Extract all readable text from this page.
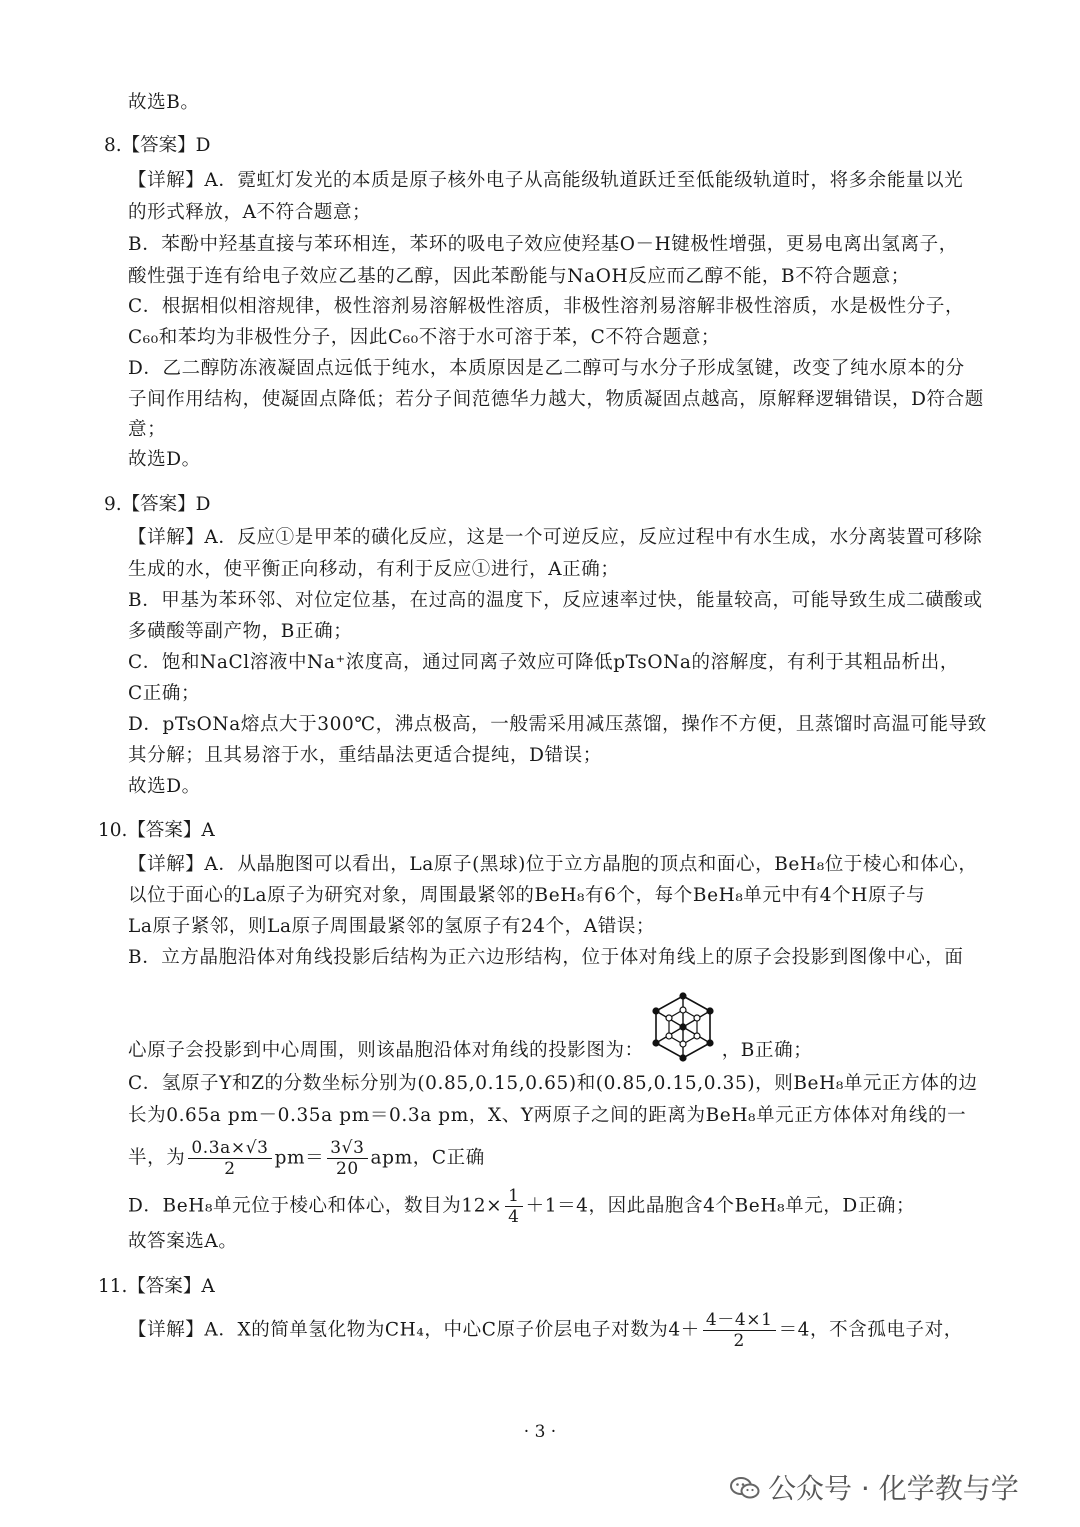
故选B。
8.【答案】D
【详解】A．霓虹灯发光的本质是原子核外电子从高能级轨道跃迁至低能级轨道时，将多余能量以光
的形式释放，A不符合题意；
B．苯酚中羟基直接与苯环相连，苯环的吸电子效应使羟基O－H键极性增强，更易电离出氢离子，
酸性强于连有给电子效应乙基的乙醇，因此苯酚能与NaOH反应而乙醇不能，B不符合题意；
C．根据相似相溶规律，极性溶剂易溶解极性溶质，非极性溶剂易溶解非极性溶质，水是极性分子，
C₆₀和苯均为非极性分子，因此C₆₀不溶于水可溶于苯，C不符合题意；
D．乙二醇防冻液凝固点远低于纯水，本质原因是乙二醇可与水分子形成氢键，改变了纯水原本的分
子间作用结构，使凝固点降低；若分子间范德华力越大，物质凝固点越高，原解释逻辑错误，D符合题
意；
故选D。
9.【答案】D
【详解】A．反应①是甲苯的磺化反应，这是一个可逆反应，反应过程中有水生成，水分离装置可移除
生成的水，使平衡正向移动，有利于反应①进行，A正确；
B．甲基为苯环邻、对位定位基，在过高的温度下，反应速率过快，能量较高，可能导致生成二磺酸或
多磺酸等副产物，B正确；
C．饱和NaCl溶液中Na⁺浓度高，通过同离子效应可降低pTsONa的溶解度，有利于其粗品析出，
C正确；
D．pTsONa熔点大于300℃，沸点极高，一般需采用减压蒸馏，操作不方便，且蒸馏时高温可能导致
其分解；且其易溶于水，重结晶法更适合提纯，D错误；
故选D。
10.【答案】A
【详解】A．从晶胞图可以看出，La原子(黑球)位于立方晶胞的顶点和面心，BeH₈位于棱心和体心，
以位于面心的La原子为研究对象，周围最紧邻的BeH₈有6个，每个BeH₈单元中有4个H原子与
La原子紧邻，则La原子周围最紧邻的氢原子有24个，A错误；
B．立方晶胞沿体对角线投影后结构为正六边形结构，位于体对角线上的原子会投影到图像中心，面
心原子会投影到中心周围，则该晶胞沿体对角线的投影图为：	，B正确；
C．氢原子Y和Z的分数坐标分别为(0.85,0.15,0.65)和(0.85,0.15,0.35)，则BeH₈单元正方体的边
长为0.65a pm－0.35a pm＝0.3a pm，X、Y两原子之间的距离为BeH₈单元正方体体对角线的一
半，为 $\frac{0.3a\times√3}{2} pm= \frac{3√3}{20}$ apm，C正确
D．BeH₈单元位于棱心和体心，数目为$12\times \frac{1}{4} +1=4$，因此晶胞含4个BeH₈单元，D正确；
故答案选A。
11.【答案】A
【详解】A．X的简单氢化物为CH₄，中心C原子价层电子对数为$4+ \frac{4-4\times 1}{2} =4$，不含孤电子对，
· 3 ·
公众号 · 化学教与学
